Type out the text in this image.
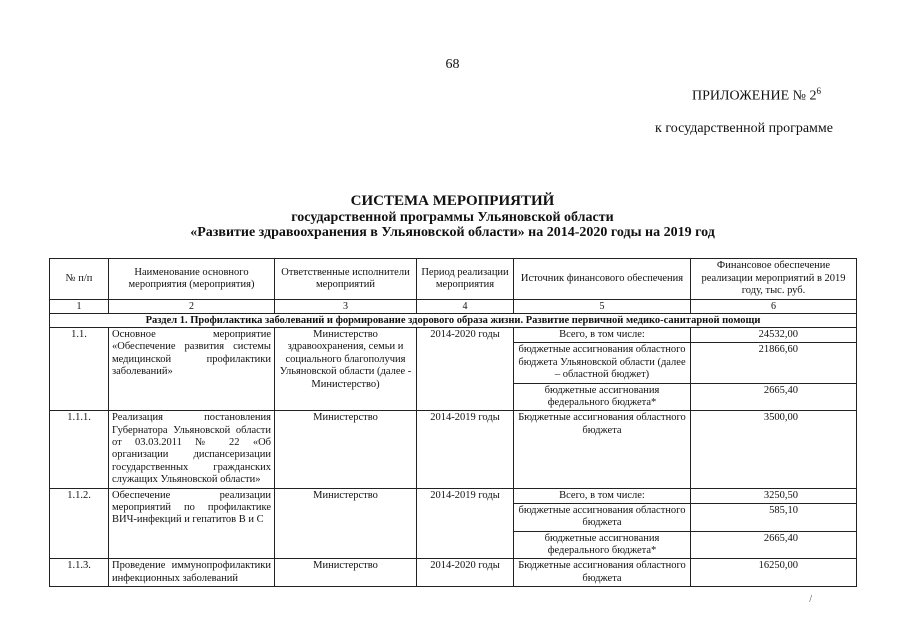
68
ПРИЛОЖЕНИЕ № $2^6$
к государственной программе
СИСТЕМА МЕРОПРИЯТИЙ
государственной программы Ульяновской области
«Развитие здравоохранения в Ульяновской области» на 2014-2020 годы на 2019 год
№ п/п	Наименование основного мероприятия (мероприятия)	Ответственные исполнители мероприятий	Период реализации мероприятия	Источник финансового обеспечения	Финансовое обеспечение реализации мероприятий в 2019 году, тыс. руб.
1	2	3	4	5	6
Раздел 1. Профилактика заболеваний и формирование здорового образа жизни. Развитие первичной медико-санитарной помощи					
1.1.	Основное мероприятие «Обеспечение развития системы медицинской профилактики заболеваний»	Министерство здравоохранения, семьи и социального благополучия Ульяновской области (далее - Министерство)	2014-2020 годы	Всего, в том числе:	24532,00
				бюджетные ассигнования областного бюджета Ульяновской области (далее – областной бюджет)	21866,60
				бюджетные ассигнования федерального бюджета*	2665,40
1.1.1.	Реализация постановления Губернатора Ульяновской области от 03.03.2011 № 22 «Об организации диспансеризации государственных гражданских служащих Ульяновской области»	Министерство	2014-2019 годы	Бюджетные ассигнования областного бюджета	3500,00
1.1.2.	Обеспечение реализации мероприятий по профилактике ВИЧ-инфекций и гепатитов В и С	Министерство	2014-2019 годы	Всего, в том числе:	3250,50
				бюджетные ассигнования областного бюджета	585,10
				бюджетные ассигнования федерального бюджета*	2665,40
1.1.3.	Проведение иммунопрофилактики инфекционных заболеваний	Министерство	2014-2020 годы	Бюджетные ассигнования областного бюджета	16250,00
/
